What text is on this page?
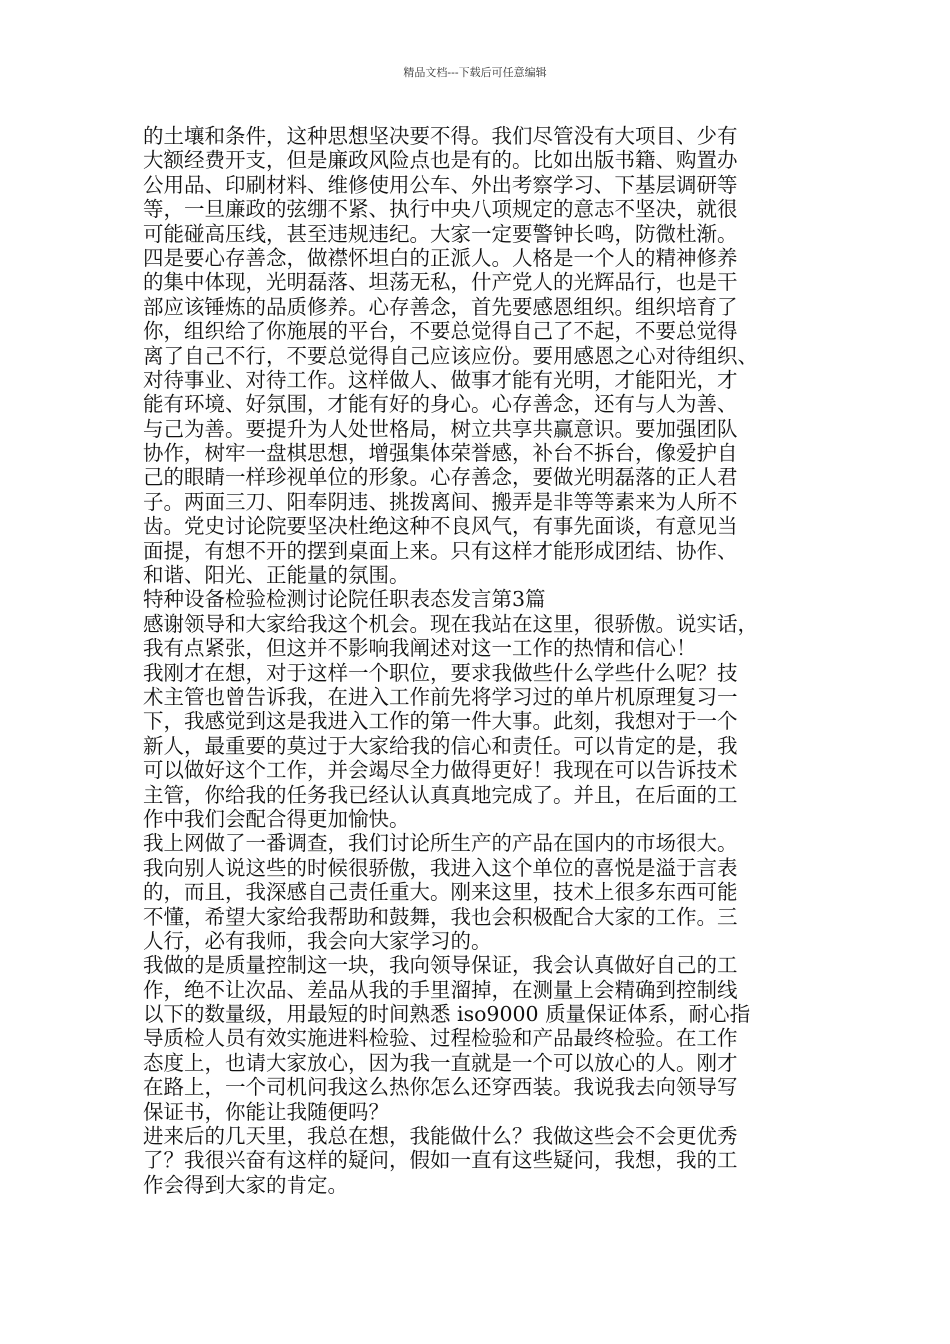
精品文档---下载后可任意编辑
的土壤和条件，这种思想坚决要不得。我们尽管没有大项目、少有
大额经费开支，但是廉政风险点也是有的。比如出版书籍、购置办
公用品、印刷材料、维修使用公车、外出考察学习、下基层调研等
等，一旦廉政的弦绷不紧、执行中央八项规定的意志不坚决，就很
可能碰高压线，甚至违规违纪。大家一定要警钟长鸣，防微杜渐。
四是要心存善念，做襟怀坦白的正派人。人格是一个人的精神修养
的集中体现，光明磊落、坦荡无私，什产党人的光辉品行，也是干
部应该锤炼的品质修养。心存善念，首先要感恩组织。组织培育了
你，组织给了你施展的平台，不要总觉得自己了不起，不要总觉得
离了自己不行，不要总觉得自己应该应份。要用感恩之心对待组织、
对待事业、对待工作。这样做人、做事才能有光明，才能阳光，才
能有环境、好氛围，才能有好的身心。心存善念，还有与人为善、
与己为善。要提升为人处世格局，树立共享共赢意识。要加强团队
协作，树牢一盘棋思想，增强集体荣誉感，补台不拆台，像爱护自
己的眼睛一样珍视单位的形象。心存善念，要做光明磊落的正人君
子。两面三刀、阳奉阴违、挑拨离间、搬弄是非等等素来为人所不
齿。党史讨论院要坚决杜绝这种不良风气，有事先面谈，有意见当
面提，有想不开的摆到桌面上来。只有这样才能形成团结、协作、
和谐、阳光、正能量的氛围。
特种设备检验检测讨论院任职表态发言第3篇
感谢领导和大家给我这个机会。现在我站在这里，很骄傲。说实话，
我有点紧张，但这并不影响我阐述对这一工作的热情和信心！
我刚才在想，对于这样一个职位，要求我做些什么学些什么呢？技
术主管也曾告诉我，在进入工作前先将学习过的单片机原理复习一
下，我感觉到这是我进入工作的第一件大事。此刻，我想对于一个
新人，最重要的莫过于大家给我的信心和责任。可以肯定的是，我
可以做好这个工作，并会竭尽全力做得更好！我现在可以告诉技术
主管，你给我的任务我已经认认真真地完成了。并且，在后面的工
作中我们会配合得更加愉快。
我上网做了一番调查，我们讨论所生产的产品在国内的市场很大。
我向别人说这些的时候很骄傲，我进入这个单位的喜悦是溢于言表
的，而且，我深感自己责任重大。刚来这里，技术上很多东西可能
不懂，希望大家给我帮助和鼓舞，我也会积极配合大家的工作。三
人行，必有我师，我会向大家学习的。
我做的是质量控制这一块，我向领导保证，我会认真做好自己的工
作，绝不让次品、差品从我的手里溜掉，在测量上会精确到控制线
以下的数量级，用最短的时间熟悉 iso9000 质量保证体系，耐心指
导质检人员有效实施进料检验、过程检验和产品最终检验。在工作
态度上，也请大家放心，因为我一直就是一个可以放心的人。刚才
在路上，一个司机问我这么热你怎么还穿西装。我说我去向领导写
保证书，你能让我随便吗？
进来后的几天里，我总在想，我能做什么？我做这些会不会更优秀
了？我很兴奋有这样的疑问，假如一直有这些疑问，我想，我的工
作会得到大家的肯定。
